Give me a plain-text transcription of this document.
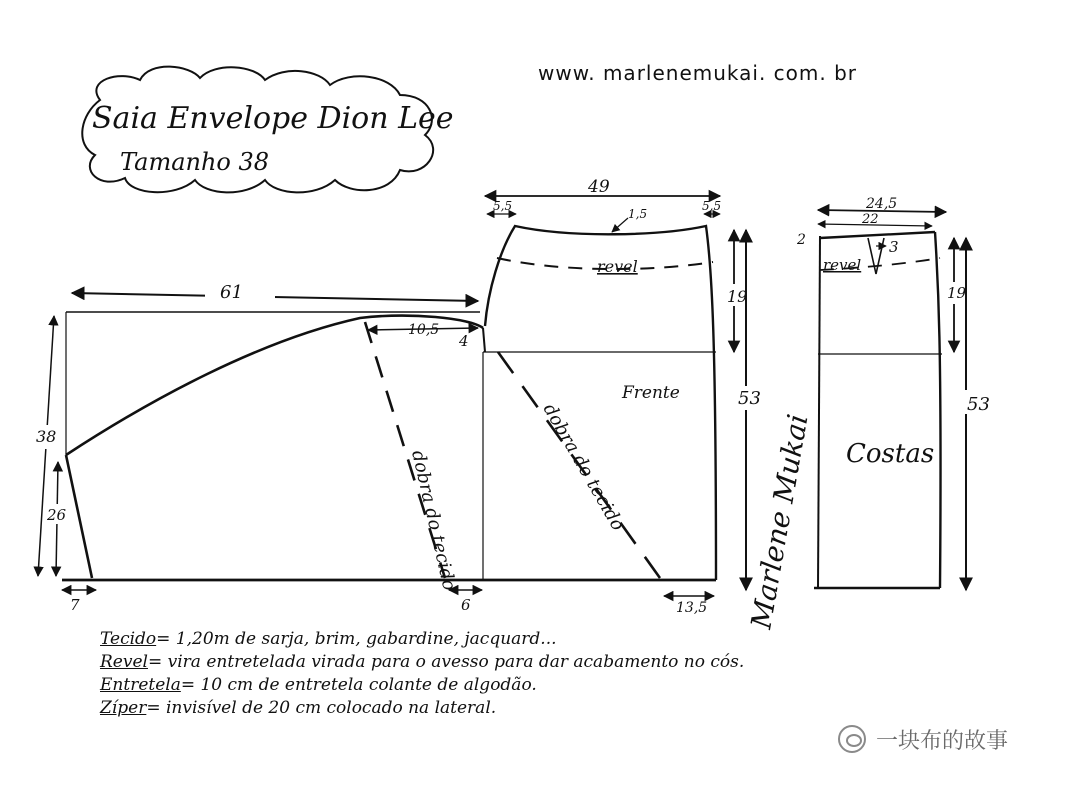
Saia Envelope Dion Lee
Tamanho 38
www. marlenemukai. com. br
61
38
26
7
10,5
4
6
dobra do tecido	dobra do tecido
revel
Frente
49
5,5	5,5
1,5
19
53
13,5 Marlene Mukai
revel
Costas
24,5
22
2	3
19
53
Tecido= 1,20m de sarja, brim, gabardine, jacquard...
Revel= vira entretelada virada para o avesso para dar acabamento no cós.
Entretela= 10 cm de entretela colante de algodão.
Zíper= invisível de 20 cm colocado na lateral.
一块布的故事
